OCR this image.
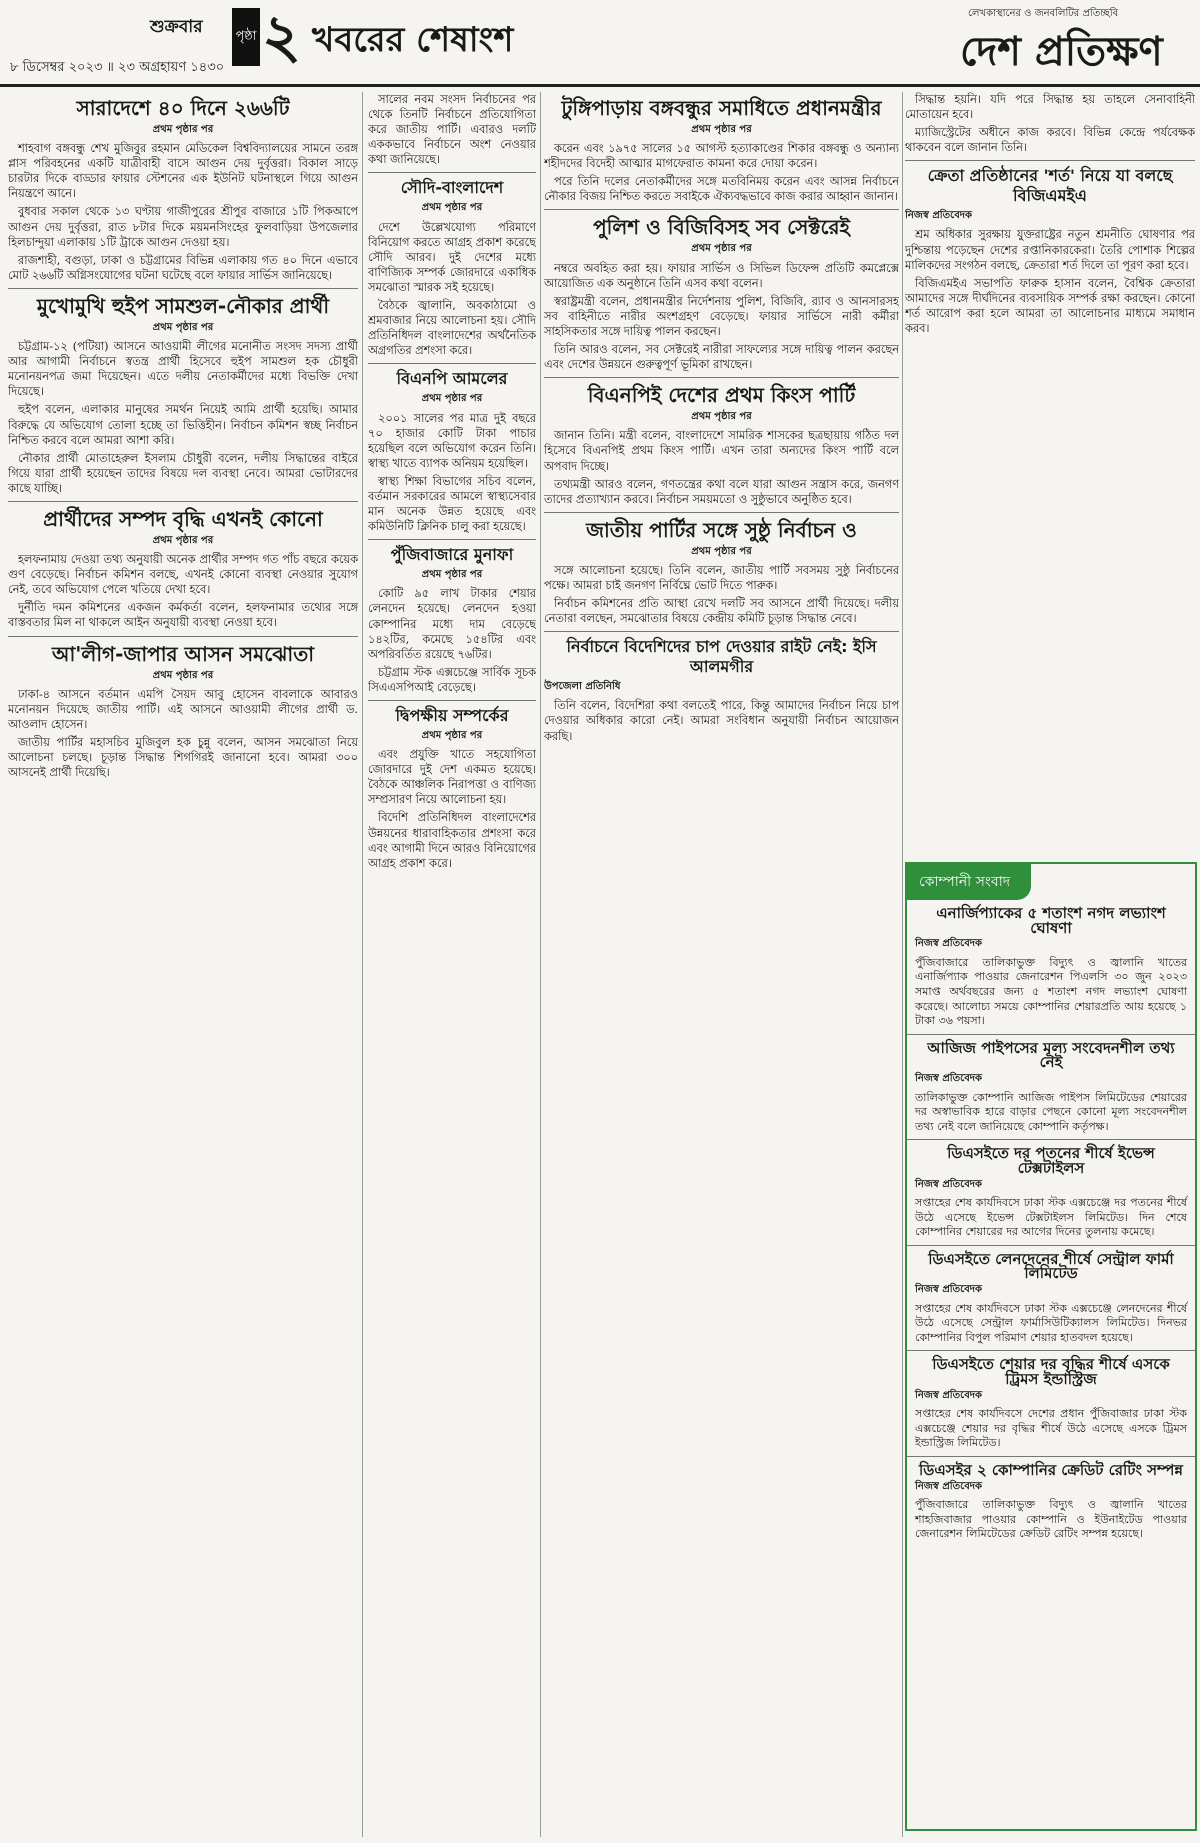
শুক্রবার
৮ ডিসেম্বর ২০২৩ ॥ ২৩ অগ্রহায়ণ ১৪৩০
পৃষ্ঠা ২ খবরের শেষাংশ
লেখকাস্থানের ও জনবলিটির প্রতিচ্ছবি
দেশ প্রতিক্ষণ
সারাদেশে ৪০ দিনে ২৬৬টি
প্রথম পৃষ্ঠার পর

শাহবাগ বঙ্গবন্ধু শেখ মুজিবুর রহমান মেডিকেল বিশ্ববিদ্যালয়ের সামনে তরঙ্গ প্লাস পরিবহনের একটি যাত্রীবাহী বাসে আগুন দেয় দুর্বৃত্তরা। বিকাল সাড়ে চারটার দিকে বাড্ডার ফায়ার স্টেশনের এক ইউনিট ঘটনাস্থলে গিয়ে আগুন নিয়ন্ত্রণে আনে।

বুধবার সকাল থেকে ১৩ ঘণ্টায় গাজীপুরের শ্রীপুর বাজারে ১টি পিকআপে আগুন দেয় দুর্বৃত্তরা, রাত ৮টার দিকে ময়মনসিংহের ফুলবাড়িয়া উপজেলার হিলচান্দুয়া এলাকায় ১টি ট্রাকে আগুন দেওয়া হয়।

রাজশাহী, বগুড়া, ঢাকা ও চট্টগ্রামের বিভিন্ন এলাকায় গত ৪০ দিনে এভাবে মোট ২৬৬টি অগ্নিসংযোগের ঘটনা ঘটেছে বলে ফায়ার সার্ভিস জানিয়েছে।

মুখোমুখি হুইপ সামশুল-নৌকার প্রার্থী
প্রথম পৃষ্ঠার পর

চট্টগ্রাম-১২ (পটিয়া) আসনে আওয়ামী লীগের মনোনীত সংসদ সদস্য প্রার্থী আর আগামী নির্বাচনে স্বতন্ত্র প্রার্থী হিসেবে হুইপ সামশুল হক চৌধুরী মনোনয়নপত্র জমা দিয়েছেন। এতে দলীয় নেতাকর্মীদের মধ্যে বিভক্তি দেখা দিয়েছে।

হুইপ বলেন, এলাকার মানুষের সমর্থন নিয়েই আমি প্রার্থী হয়েছি। আমার বিরুদ্ধে যে অভিযোগ তোলা হচ্ছে তা ভিত্তিহীন। নির্বাচন কমিশন স্বচ্ছ নির্বাচন নিশ্চিত করবে বলে আমরা আশা করি।

নৌকার প্রার্থী মোতাহেরুল ইসলাম চৌধুরী বলেন, দলীয় সিদ্ধান্তের বাইরে গিয়ে যারা প্রার্থী হয়েছেন তাদের বিষয়ে দল ব্যবস্থা নেবে। আমরা ভোটারদের কাছে যাচ্ছি।

প্রার্থীদের সম্পদ বৃদ্ধি এখনই কোনো
প্রথম পৃষ্ঠার পর

হলফনামায় দেওয়া তথ্য অনুযায়ী অনেক প্রার্থীর সম্পদ গত পাঁচ বছরে কয়েক গুণ বেড়েছে। নির্বাচন কমিশন বলছে, এখনই কোনো ব্যবস্থা নেওয়ার সুযোগ নেই, তবে অভিযোগ পেলে খতিয়ে দেখা হবে।

দুর্নীতি দমন কমিশনের একজন কর্মকর্তা বলেন, হলফনামার তথ্যের সঙ্গে বাস্তবতার মিল না থাকলে আইন অনুযায়ী ব্যবস্থা নেওয়া হবে।

আ'লীগ-জাপার আসন সমঝোতা
প্রথম পৃষ্ঠার পর

ঢাকা-৪ আসনে বর্তমান এমপি সৈয়দ আবু হোসেন বাবলাকে আবারও মনোনয়ন দিয়েছে জাতীয় পার্টি। এই আসনে আওয়ামী লীগের প্রার্থী ড. আওলাদ হোসেন।

জাতীয় পার্টির মহাসচিব মুজিবুল হক চুন্নু বলেন, আসন সমঝোতা নিয়ে আলোচনা চলছে। চূড়ান্ত সিদ্ধান্ত শিগগিরই জানানো হবে। আমরা ৩০০ আসনেই প্রার্থী দিয়েছি।

সালের নবম সংসদ নির্বাচনের পর থেকে তিনটি নির্বাচনে প্রতিযোগিতা করে জাতীয় পার্টি। এবারও দলটি এককভাবে নির্বাচনে অংশ নেওয়ার কথা জানিয়েছে।

সৌদি-বাংলাদেশ
প্রথম পৃষ্ঠার পর

দেশে উল্লেখযোগ্য পরিমাণে বিনিয়োগ করতে আগ্রহ প্রকাশ করেছে সৌদি আরব। দুই দেশের মধ্যে বাণিজ্যিক সম্পর্ক জোরদারে একাধিক সমঝোতা স্মারক সই হয়েছে।

বৈঠকে জ্বালানি, অবকাঠামো ও শ্রমবাজার নিয়ে আলোচনা হয়। সৌদি প্রতিনিধিদল বাংলাদেশের অর্থনৈতিক অগ্রগতির প্রশংসা করে।

বিএনপি আমলের
প্রথম পৃষ্ঠার পর

২০০১ সালের পর মাত্র দুই বছরে ৭০ হাজার কোটি টাকা পাচার হয়েছিল বলে অভিযোগ করেন তিনি। স্বাস্থ্য খাতে ব্যাপক অনিয়ম হয়েছিল।

স্বাস্থ্য শিক্ষা বিভাগের সচিব বলেন, বর্তমান সরকারের আমলে স্বাস্থ্যসেবার মান অনেক উন্নত হয়েছে এবং কমিউনিটি ক্লিনিক চালু করা হয়েছে।

পুঁজিবাজারে মুনাফা
প্রথম পৃষ্ঠার পর

কোটি ৯৫ লাখ টাকার শেয়ার লেনদেন হয়েছে। লেনদেন হওয়া কোম্পানির মধ্যে দাম বেড়েছে ১৪২টির, কমেছে ১৫৪টির এবং অপরিবর্তিত রয়েছে ৭৬টির।

চট্টগ্রাম স্টক এক্সচেঞ্জে সার্বিক সূচক সিএএসপিআই বেড়েছে।

দ্বিপক্ষীয় সম্পর্কের
প্রথম পৃষ্ঠার পর

এবং প্রযুক্তি খাতে সহযোগিতা জোরদারে দুই দেশ একমত হয়েছে। বৈঠকে আঞ্চলিক নিরাপত্তা ও বাণিজ্য সম্প্রসারণ নিয়ে আলোচনা হয়।

বিদেশি প্রতিনিধিদল বাংলাদেশের উন্নয়নের ধারাবাহিকতার প্রশংসা করে এবং আগামী দিনে আরও বিনিয়োগের আগ্রহ প্রকাশ করে।

টুঙ্গিপাড়ায় বঙ্গবন্ধুর সমাধিতে প্রধানমন্ত্রীর
প্রথম পৃষ্ঠার পর

করেন এবং ১৯৭৫ সালের ১৫ আগস্ট হত্যাকাণ্ডের শিকার বঙ্গবন্ধু ও অন্যান্য শহীদদের বিদেহী আত্মার মাগফেরাত কামনা করে দোয়া করেন।

পরে তিনি দলের নেতাকর্মীদের সঙ্গে মতবিনিময় করেন এবং আসন্ন নির্বাচনে নৌকার বিজয় নিশ্চিত করতে সবাইকে ঐক্যবদ্ধভাবে কাজ করার আহ্বান জানান।

পুলিশ ও বিজিবিসহ সব সেক্টরেই
প্রথম পৃষ্ঠার পর

নম্বরে অবহিত করা হয়। ফায়ার সার্ভিস ও সিভিল ডিফেন্স প্রতিটি কমপ্লেক্সে আয়োজিত এক অনুষ্ঠানে তিনি এসব কথা বলেন।

স্বরাষ্ট্রমন্ত্রী বলেন, প্রধানমন্ত্রীর নির্দেশনায় পুলিশ, বিজিবি, র‍্যাব ও আনসারসহ সব বাহিনীতে নারীর অংশগ্রহণ বেড়েছে। ফায়ার সার্ভিসে নারী কর্মীরা সাহসিকতার সঙ্গে দায়িত্ব পালন করছেন।

তিনি আরও বলেন, সব সেক্টরেই নারীরা সাফল্যের সঙ্গে দায়িত্ব পালন করছেন এবং দেশের উন্নয়নে গুরুত্বপূর্ণ ভূমিকা রাখছেন।

বিএনপিই দেশের প্রথম কিংস পার্টি
প্রথম পৃষ্ঠার পর

জানান তিনি। মন্ত্রী বলেন, বাংলাদেশে সামরিক শাসকের ছত্রছায়ায় গঠিত দল হিসেবে বিএনপিই প্রথম কিংস পার্টি। এখন তারা অন্যদের কিংস পার্টি বলে অপবাদ দিচ্ছে।

তথ্যমন্ত্রী আরও বলেন, গণতন্ত্রের কথা বলে যারা আগুন সন্ত্রাস করে, জনগণ তাদের প্রত্যাখ্যান করবে। নির্বাচন সময়মতো ও সুষ্ঠুভাবে অনুষ্ঠিত হবে।

জাতীয় পার্টির সঙ্গে সুষ্ঠু নির্বাচন ও
প্রথম পৃষ্ঠার পর

সঙ্গে আলোচনা হয়েছে। তিনি বলেন, জাতীয় পার্টি সবসময় সুষ্ঠু নির্বাচনের পক্ষে। আমরা চাই জনগণ নির্বিঘ্নে ভোট দিতে পারুক।

নির্বাচন কমিশনের প্রতি আস্থা রেখে দলটি সব আসনে প্রার্থী দিয়েছে। দলীয় নেতারা বলছেন, সমঝোতার বিষয়ে কেন্দ্রীয় কমিটি চূড়ান্ত সিদ্ধান্ত নেবে।

নির্বাচনে বিদেশিদের চাপ দেওয়ার রাইট নেই: ইসি আলমগীর
উপজেলা প্রতিনিধি

তিনি বলেন, বিদেশিরা কথা বলতেই পারে, কিন্তু আমাদের নির্বাচন নিয়ে চাপ দেওয়ার অধিকার কারো নেই। আমরা সংবিধান অনুযায়ী নির্বাচন আয়োজন করছি।

সিদ্ধান্ত হয়নি। যদি পরে সিদ্ধান্ত হয় তাহলে সেনাবাহিনী মোতায়েন হবে।

ম্যাজিস্ট্রেটের অধীনে কাজ করবে। বিভিন্ন কেন্দ্রে পর্যবেক্ষক থাকবেন বলে জানান তিনি।

ক্রেতা প্রতিষ্ঠানের 'শর্ত' নিয়ে যা বলছে বিজিএমইএ
নিজস্ব প্রতিবেদক

শ্রম অধিকার সুরক্ষায় যুক্তরাষ্ট্রের নতুন শ্রমনীতি ঘোষণার পর দুশ্চিন্তায় পড়েছেন দেশের রপ্তানিকারকেরা। তৈরি পোশাক শিল্পের মালিকদের সংগঠন বলছে, ক্রেতারা শর্ত দিলে তা পূরণ করা হবে।

বিজিএমইএ সভাপতি ফারুক হাসান বলেন, বৈশ্বিক ক্রেতারা আমাদের সঙ্গে দীর্ঘদিনের ব্যবসায়িক সম্পর্ক রক্ষা করছেন। কোনো শর্ত আরোপ করা হলে আমরা তা আলোচনার মাধ্যমে সমাধান করব।

কোম্পানী সংবাদ
এনার্জিপ্যাকের ৫ শতাংশ নগদ লভ্যাংশ ঘোষণা
নিজস্ব প্রতিবেদক
পুঁজিবাজারে তালিকাভুক্ত বিদ্যুৎ ও জ্বালানি খাতের এনার্জিপ্যাক পাওয়ার জেনারেশন পিএলসি ৩০ জুন ২০২৩ সমাপ্ত অর্থবছরের জন্য ৫ শতাংশ নগদ লভ্যাংশ ঘোষণা করেছে। আলোচ্য সময়ে কোম্পানির শেয়ারপ্রতি আয় হয়েছে ১ টাকা ৩৬ পয়সা।
আজিজ পাইপসের মূল্য সংবেদনশীল তথ্য নেই
নিজস্ব প্রতিবেদক
তালিকাভুক্ত কোম্পানি আজিজ পাইপস লিমিটেডের শেয়ারের দর অস্বাভাবিক হারে বাড়ার পেছনে কোনো মূল্য সংবেদনশীল তথ্য নেই বলে জানিয়েছে কোম্পানি কর্তৃপক্ষ।
ডিএসইতে দর পতনের শীর্ষে ইভেন্স টেক্সটাইলস
নিজস্ব প্রতিবেদক
সপ্তাহের শেষ কার্যদিবসে ঢাকা স্টক এক্সচেঞ্জে দর পতনের শীর্ষে উঠে এসেছে ইভেন্স টেক্সটাইলস লিমিটেড। দিন শেষে কোম্পানির শেয়ারের দর আগের দিনের তুলনায় কমেছে।
ডিএসইতে লেনদেনের শীর্ষে সেন্ট্রাল ফার্মা লিমিটেড
নিজস্ব প্রতিবেদক
সপ্তাহের শেষ কার্যদিবসে ঢাকা স্টক এক্সচেঞ্জে লেনদেনের শীর্ষে উঠে এসেছে সেন্ট্রাল ফার্মাসিউটিক্যালস লিমিটেড। দিনভর কোম্পানির বিপুল পরিমাণ শেয়ার হাতবদল হয়েছে।
ডিএসইতে শেয়ার দর বৃদ্ধির শীর্ষে এসকে ট্রিমস ইন্ডাস্ট্রিজ
নিজস্ব প্রতিবেদক
সপ্তাহের শেষ কার্যদিবসে দেশের প্রধান পুঁজিবাজার ঢাকা স্টক এক্সচেঞ্জে শেয়ার দর বৃদ্ধির শীর্ষে উঠে এসেছে এসকে ট্রিমস ইন্ডাস্ট্রিজ লিমিটেড।
ডিএসইর ২ কোম্পানির ক্রেডিট রেটিং সম্পন্ন
নিজস্ব প্রতিবেদক
পুঁজিবাজারে তালিকাভুক্ত বিদ্যুৎ ও জ্বালানি খাতের শাহজিবাজার পাওয়ার কোম্পানি ও ইউনাইটেড পাওয়ার জেনারেশন লিমিটেডের ক্রেডিট রেটিং সম্পন্ন হয়েছে।
